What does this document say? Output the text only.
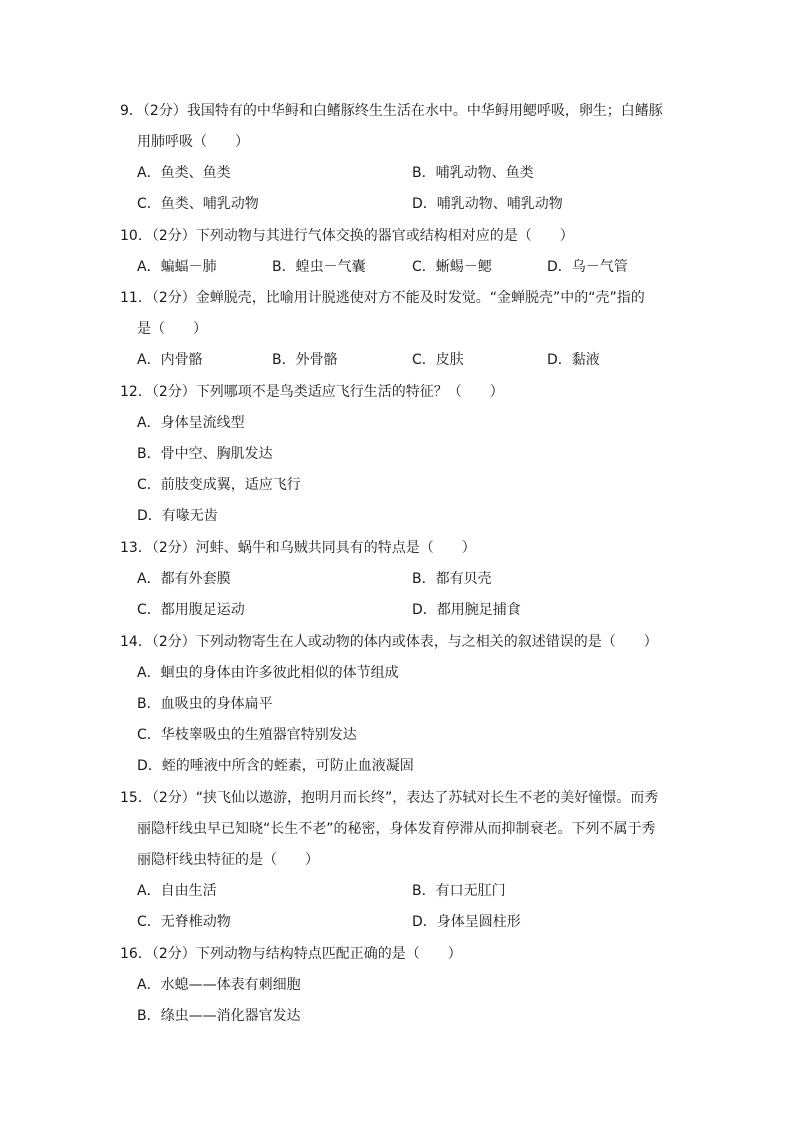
9．（2分）我国特有的中华鲟和白鳍豚终生生活在水中。中华鲟用鳃呼吸，卵生；白鳍豚
用肺呼吸（　　）
A．鱼类、鱼类	B．哺乳动物、鱼类
C．鱼类、哺乳动物	D．哺乳动物、哺乳动物
10．（2分）下列动物与其进行气体交换的器官或结构相对应的是（　　）
A．蝙蝠－肺	B．蝗虫－气囊	C．蜥蜴－鳃	D．乌－气管
11．（2分）金蝉脱壳，比喻用计脱逃使对方不能及时发觉。“金蝉脱壳”中的“壳”指的
是（　　）
A．内骨骼	B．外骨骼	C．皮肤	D．黏液
12．（2分）下列哪项不是鸟类适应飞行生活的特征？（　　）
A．身体呈流线型
B．骨中空、胸肌发达
C．前肢变成翼，适应飞行
D．有喙无齿
13．（2分）河蚌、蜗牛和乌贼共同具有的特点是（　　）
A．都有外套膜	B．都有贝壳
C．都用腹足运动	D．都用腕足捕食
14．（2分）下列动物寄生在人或动物的体内或体表，与之相关的叙述错误的是（　　）
A．蛔虫的身体由许多彼此相似的体节组成
B．血吸虫的身体扁平
C．华枝睾吸虫的生殖器官特别发达
D．蛭的唾液中所含的蛭素，可防止血液凝固
15．（2分）“挟飞仙以遨游，抱明月而长终”，表达了苏轼对长生不老的美好憧憬。而秀
丽隐杆线虫早已知晓“长生不老”的秘密，身体发育停滞从而抑制衰老。下列不属于秀
丽隐杆线虫特征的是（　　）
A．自由生活	B．有口无肛门
C．无脊椎动物	D．身体呈圆柱形
16．（2分）下列动物与结构特点匹配正确的是（　　）
A．水螅——体表有刺细胞
B．绦虫——消化器官发达
